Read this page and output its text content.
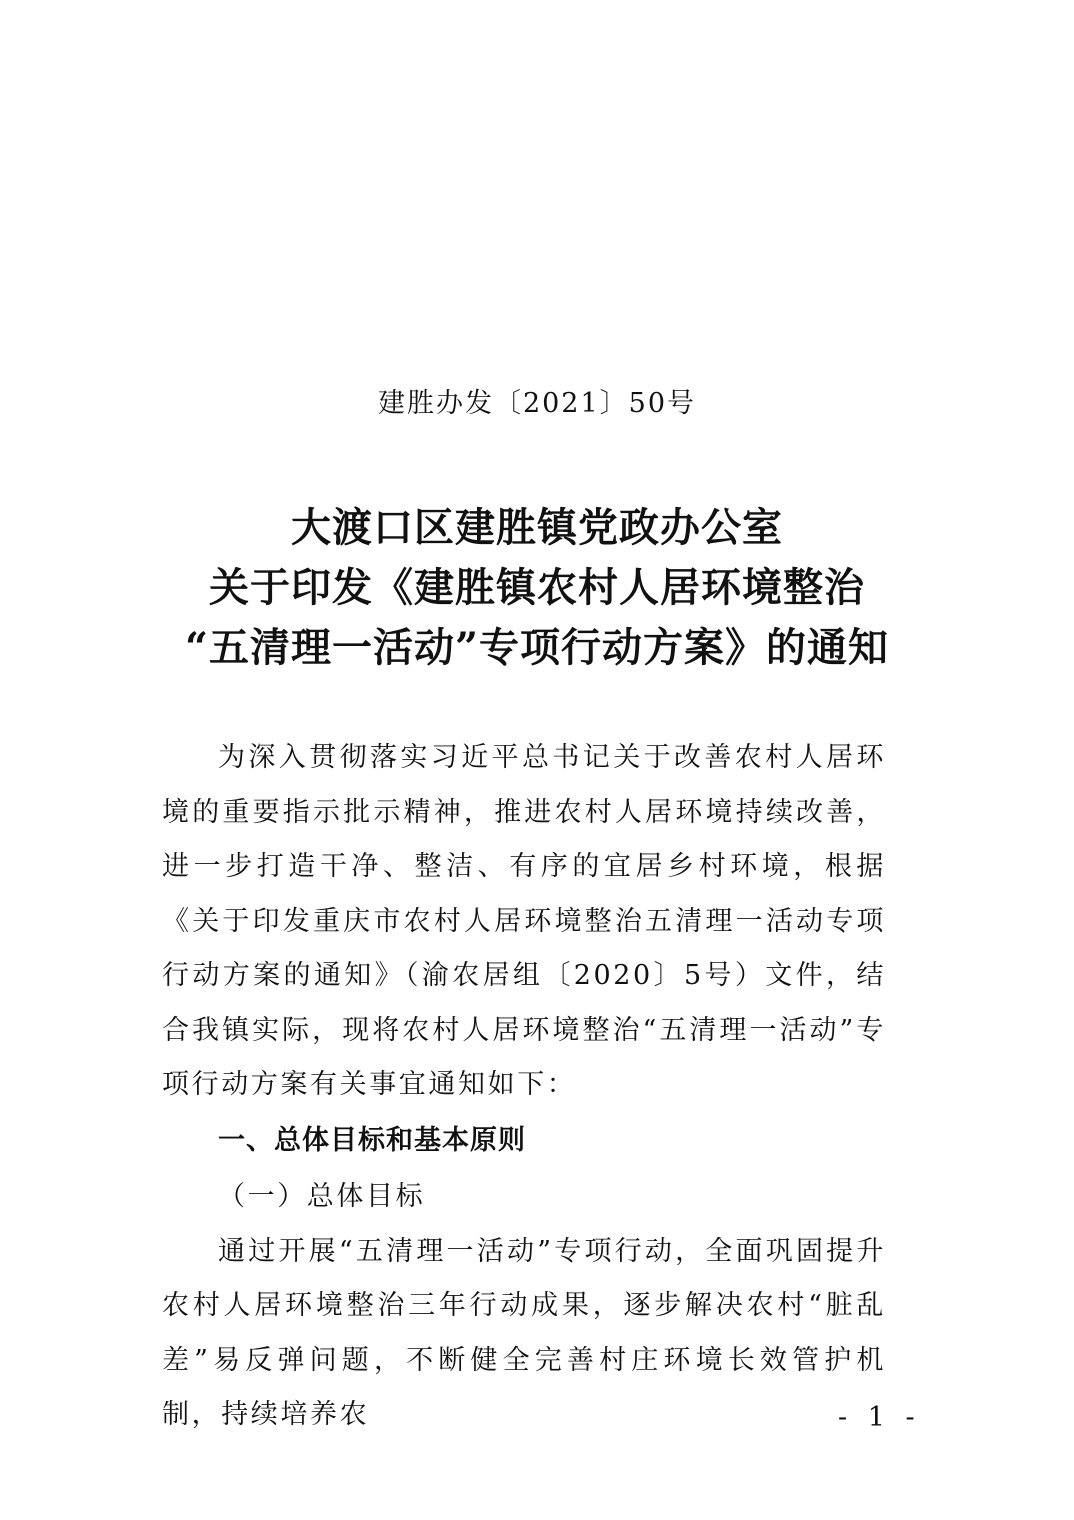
建胜办发〔2021〕50号
大渡口区建胜镇党政办公室
关于印发《建胜镇农村人居环境整治
“五清理一活动”专项行动方案》的通知

为深入贯彻落实习近平总书记关于改善农村人居环境的重要指示批示精神，推进农村人居环境持续改善，进一步打造干净、整洁、有序的宜居乡村环境，根据《关于印发重庆市农村人居环境整治五清理一活动专项行动方案的通知》（渝农居组〔2020〕5号）文件，结合我镇实际，现将农村人居环境整治“五清理一活动”专项行动方案有关事宜通知如下：

一、总体目标和基本原则

（一）总体目标

通过开展“五清理一活动”专项行动，全面巩固提升农村人居环境整治三年行动成果，逐步解决农村“脏乱差”易反弹问题，不断健全完善村庄环境长效管护机制，持续培养农	- 1 -
